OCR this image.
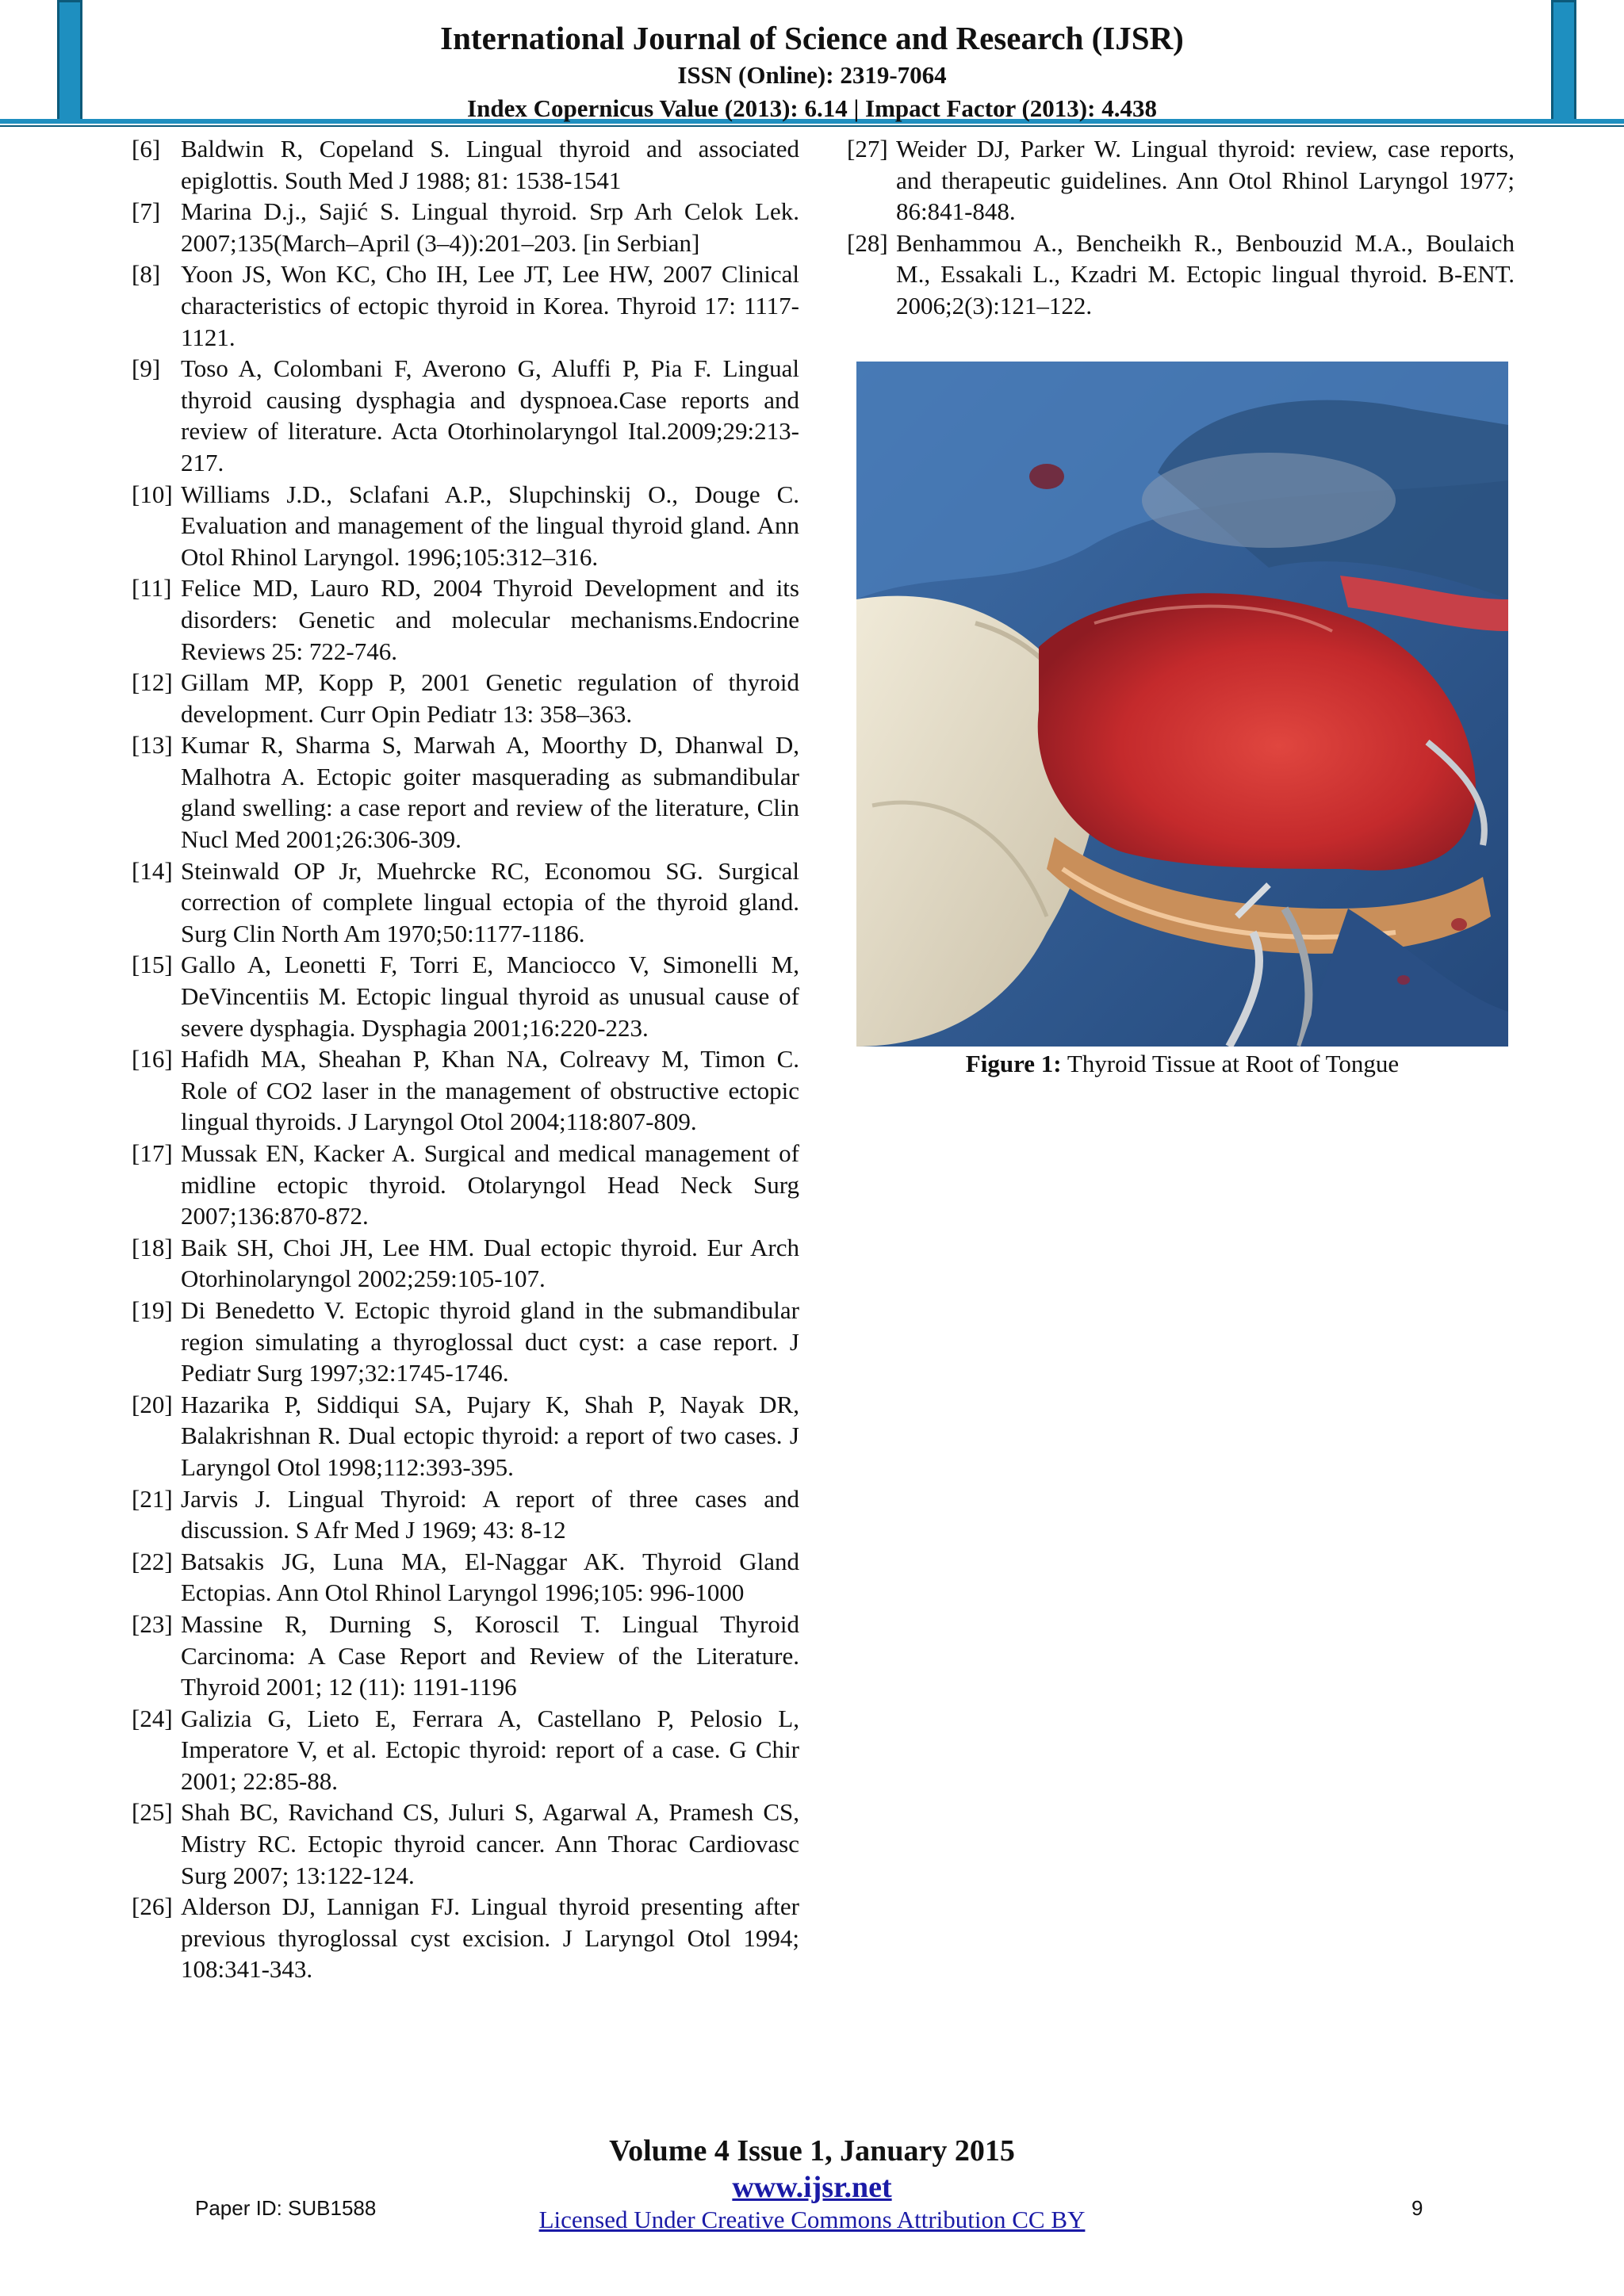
International Journal of Science and Research (IJSR)
ISSN (Online): 2319-7064
Index Copernicus Value (2013): 6.14 | Impact Factor (2013): 4.438
[6] Baldwin R, Copeland S. Lingual thyroid and associated epiglottis. South Med J 1988; 81: 1538-1541
[7] Marina D.j., Sajić S. Lingual thyroid. Srp Arh Celok Lek. 2007;135(March–April (3–4)):201–203. [in Serbian]
[8] Yoon JS, Won KC, Cho IH, Lee JT, Lee HW, 2007 Clinical characteristics of ectopic thyroid in Korea. Thyroid 17: 1117-1121.
[9] Toso A, Colombani F, Averono G, Aluffi P, Pia F. Lingual thyroid causing dysphagia and dyspnoea.Case reports and review of literature. Acta Otorhinolaryngol Ital.2009;29:213-217.
[10] Williams J.D., Sclafani A.P., Slupchinskij O., Douge C. Evaluation and management of the lingual thyroid gland. Ann Otol Rhinol Laryngol. 1996;105:312–316.
[11] Felice MD, Lauro RD, 2004 Thyroid Development and its disorders: Genetic and molecular mechanisms.Endocrine Reviews 25: 722-746.
[12] Gillam MP, Kopp P, 2001 Genetic regulation of thyroid development. Curr Opin Pediatr 13: 358–363.
[13] Kumar R, Sharma S, Marwah A, Moorthy D, Dhanwal D, Malhotra A. Ectopic goiter masquerading as submandibular gland swelling: a case report and review of the literature, Clin Nucl Med 2001;26:306-309.
[14] Steinwald OP Jr, Muehrcke RC, Economou SG. Surgical correction of complete lingual ectopia of the thyroid gland. Surg Clin North Am 1970;50:1177-1186.
[15] Gallo A, Leonetti F, Torri E, Manciocco V, Simonelli M, DeVincentiis M. Ectopic lingual thyroid as unusual cause of severe dysphagia. Dysphagia 2001;16:220-223.
[16] Hafidh MA, Sheahan P, Khan NA, Colreavy M, Timon C. Role of CO2 laser in the management of obstructive ectopic lingual thyroids. J Laryngol Otol 2004;118:807-809.
[17] Mussak EN, Kacker A. Surgical and medical management of midline ectopic thyroid. Otolaryngol Head Neck Surg 2007;136:870-872.
[18] Baik SH, Choi JH, Lee HM. Dual ectopic thyroid. Eur Arch Otorhinolaryngol 2002;259:105-107.
[19] Di Benedetto V. Ectopic thyroid gland in the submandibular region simulating a thyroglossal duct cyst: a case report. J Pediatr Surg 1997;32:1745-1746.
[20] Hazarika P, Siddiqui SA, Pujary K, Shah P, Nayak DR, Balakrishnan R. Dual ectopic thyroid: a report of two cases. J Laryngol Otol 1998;112:393-395.
[21] Jarvis J. Lingual Thyroid: A report of three cases and discussion. S Afr Med J 1969; 43: 8-12
[22] Batsakis JG, Luna MA, El-Naggar AK. Thyroid Gland Ectopias. Ann Otol Rhinol Laryngol 1996;105: 996-1000
[23] Massine R, Durning S, Koroscil T. Lingual Thyroid Carcinoma: A Case Report and Review of the Literature. Thyroid 2001; 12 (11): 1191-1196
[24] Galizia G, Lieto E, Ferrara A, Castellano P, Pelosio L, Imperatore V, et al. Ectopic thyroid: report of a case. G Chir 2001; 22:85-88.
[25] Shah BC, Ravichand CS, Juluri S, Agarwal A, Pramesh CS, Mistry RC. Ectopic thyroid cancer. Ann Thorac Cardiovasc Surg 2007; 13:122-124.
[26] Alderson DJ, Lannigan FJ. Lingual thyroid presenting after previous thyroglossal cyst excision. J Laryngol Otol 1994; 108:341-343.
[27] Weider DJ, Parker W. Lingual thyroid: review, case reports, and therapeutic guidelines. Ann Otol Rhinol Laryngol 1977; 86:841-848.
[28] Benhammou A., Bencheikh R., Benbouzid M.A., Boulaich M., Essakali L., Kzadri M. Ectopic lingual thyroid. B-ENT. 2006;2(3):121–122.
Figure 1: Thyroid Tissue at Root of Tongue
Volume 4 Issue 1, January 2015
www.ijsr.net
Licensed Under Creative Commons Attribution CC BY
Paper ID: SUB1588	9
